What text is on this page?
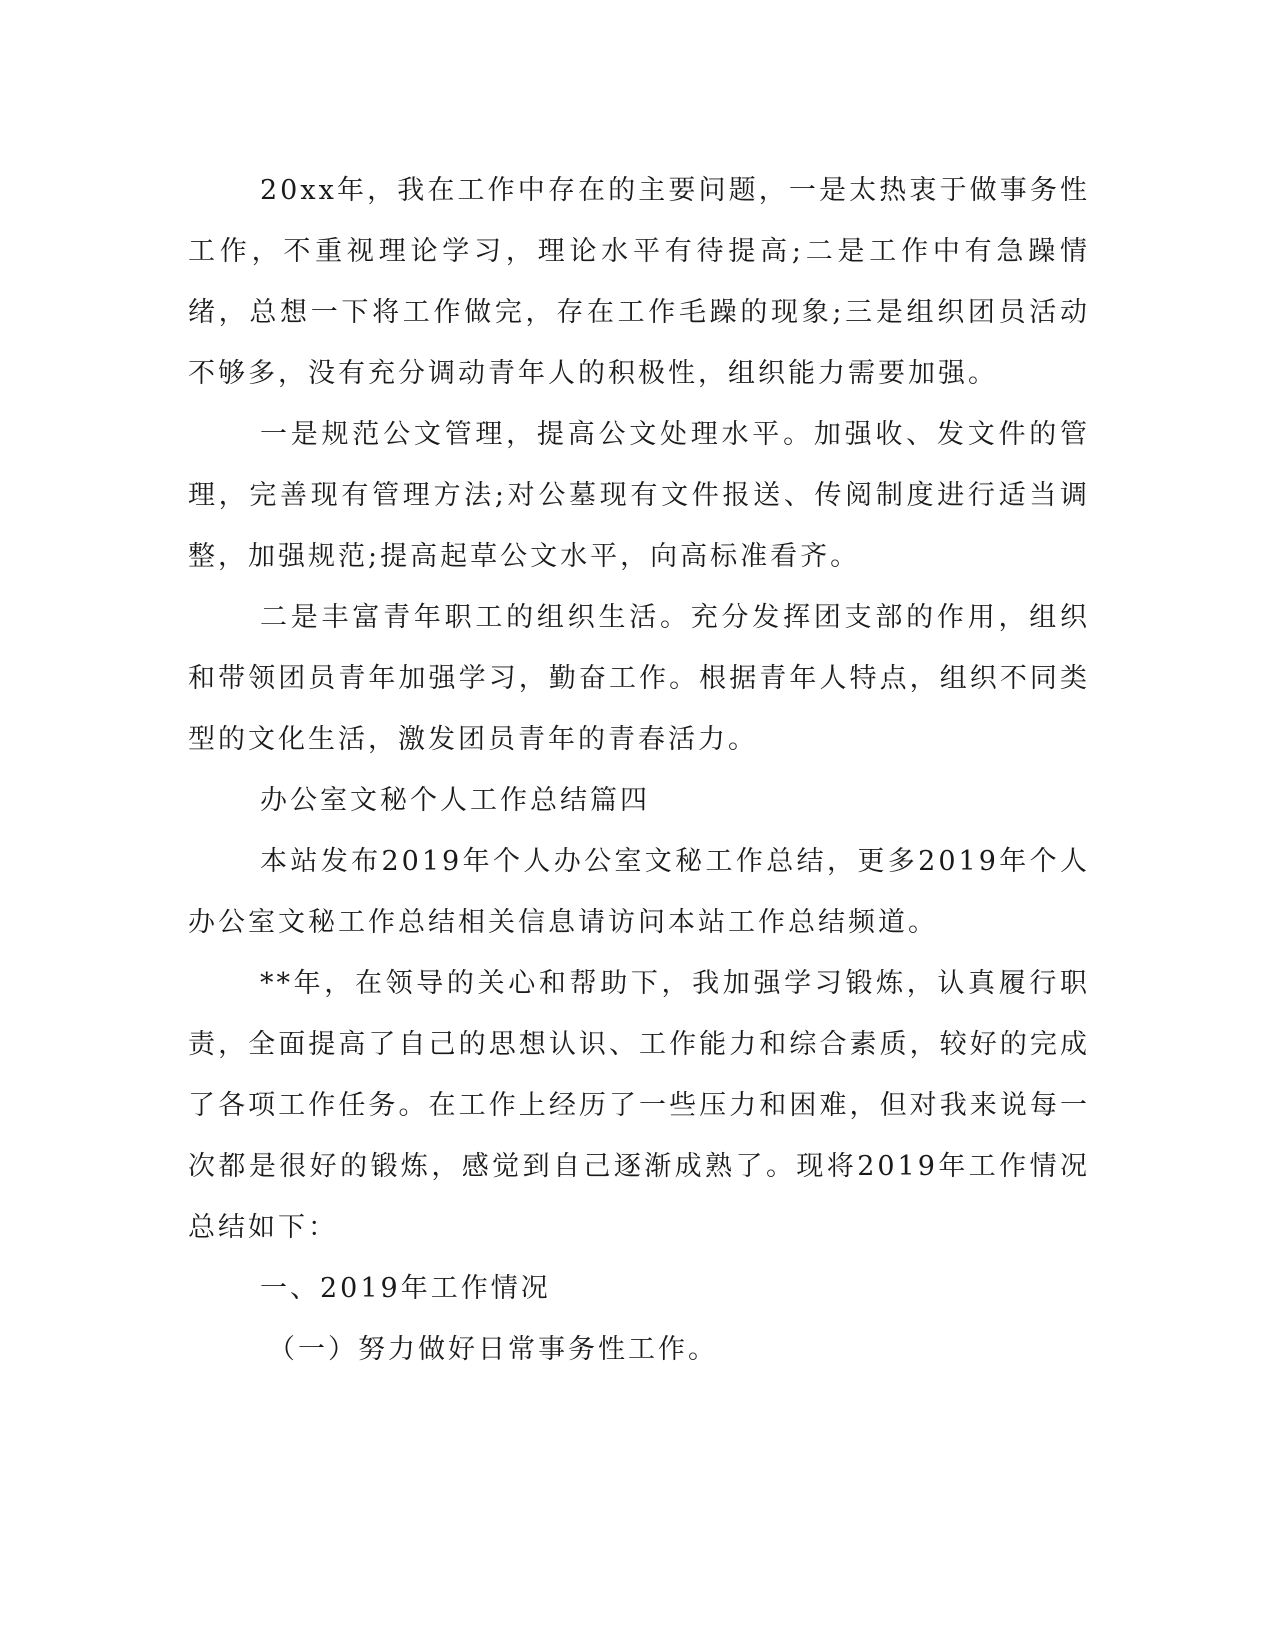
20xx年，我在工作中存在的主要问题，一是太热衷于做事务性工作，不重视理论学习，理论水平有待提高;二是工作中有急躁情绪，总想一下将工作做完，存在工作毛躁的现象;三是组织团员活动不够多，没有充分调动青年人的积极性，组织能力需要加强。

一是规范公文管理，提高公文处理水平。加强收、发文件的管理，完善现有管理方法;对公墓现有文件报送、传阅制度进行适当调整，加强规范;提高起草公文水平，向高标准看齐。

二是丰富青年职工的组织生活。充分发挥团支部的作用，组织和带领团员青年加强学习，勤奋工作。根据青年人特点，组织不同类型的文化生活，激发团员青年的青春活力。

办公室文秘个人工作总结篇四

本站发布2019年个人办公室文秘工作总结，更多2019年个人办公室文秘工作总结相关信息请访问本站工作总结频道。

**年，在领导的关心和帮助下，我加强学习锻炼，认真履行职责，全面提高了自己的思想认识、工作能力和综合素质，较好的完成了各项工作任务。在工作上经历了一些压力和困难，但对我来说每一次都是很好的锻炼，感觉到自己逐渐成熟了。现将2019年工作情况总结如下：

一、2019年工作情况

（一）努力做好日常事务性工作。
